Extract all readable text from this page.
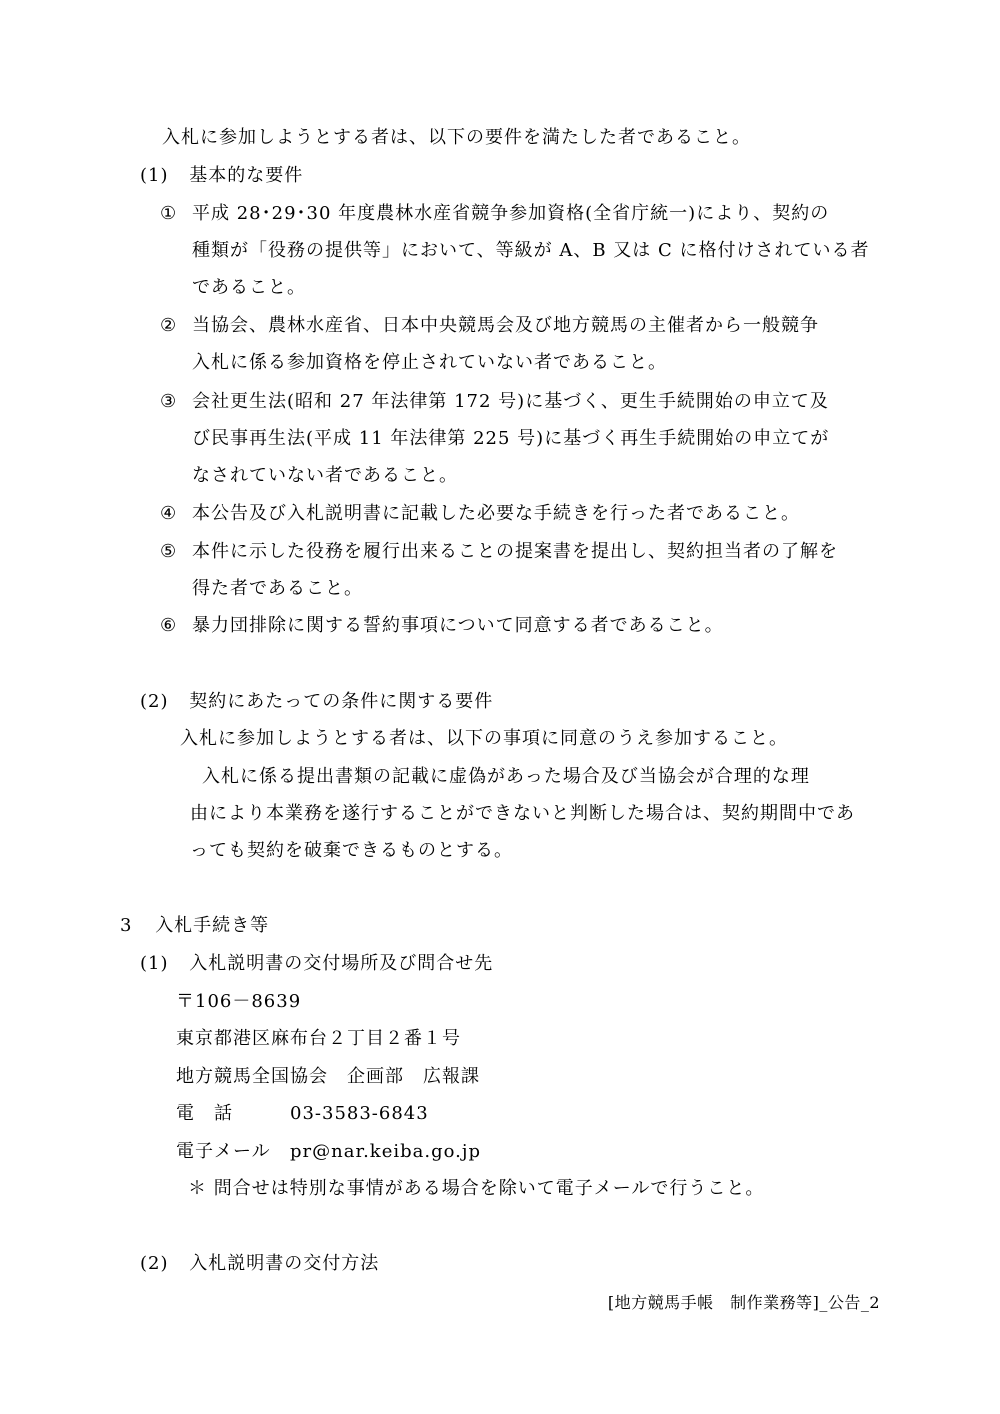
入札に参加しようとする者は、以下の要件を満たした者であること。
(1) 基本的な要件
① 平成 28･29･30 年度農林水産省競争参加資格(全省庁統一)により、契約の
種類が「役務の提供等」において、等級が A、B 又は C に格付けされている者
であること。
② 当協会、農林水産省、日本中央競馬会及び地方競馬の主催者から一般競争
入札に係る参加資格を停止されていない者であること。
③ 会社更生法(昭和 27 年法律第 172 号)に基づく、更生手続開始の申立て及
び民事再生法(平成 11 年法律第 225 号)に基づく再生手続開始の申立てが
なされていない者であること。
④ 本公告及び入札説明書に記載した必要な手続きを行った者であること。
⑤ 本件に示した役務を履行出来ることの提案書を提出し、契約担当者の了解を
得た者であること。
⑥ 暴力団排除に関する誓約事項について同意する者であること。
(2) 契約にあたっての条件に関する要件
入札に参加しようとする者は、以下の事項に同意のうえ参加すること。
入札に係る提出書類の記載に虚偽があった場合及び当協会が合理的な理
由により本業務を遂行することができないと判断した場合は、契約期間中であ
っても契約を破棄できるものとする。
3 入札手続き等
(1) 入札説明書の交付場所及び問合せ先
〒106－8639
東京都港区麻布台２丁目２番１号
地方競馬全国協会　企画部　広報課
電　話	03-3583-6843
電子メール pr@nar.keiba.go.jp
＊ 問合せは特別な事情がある場合を除いて電子メールで行うこと。
(2) 入札説明書の交付方法
[地方競馬手帳　制作業務等]_公告_2
